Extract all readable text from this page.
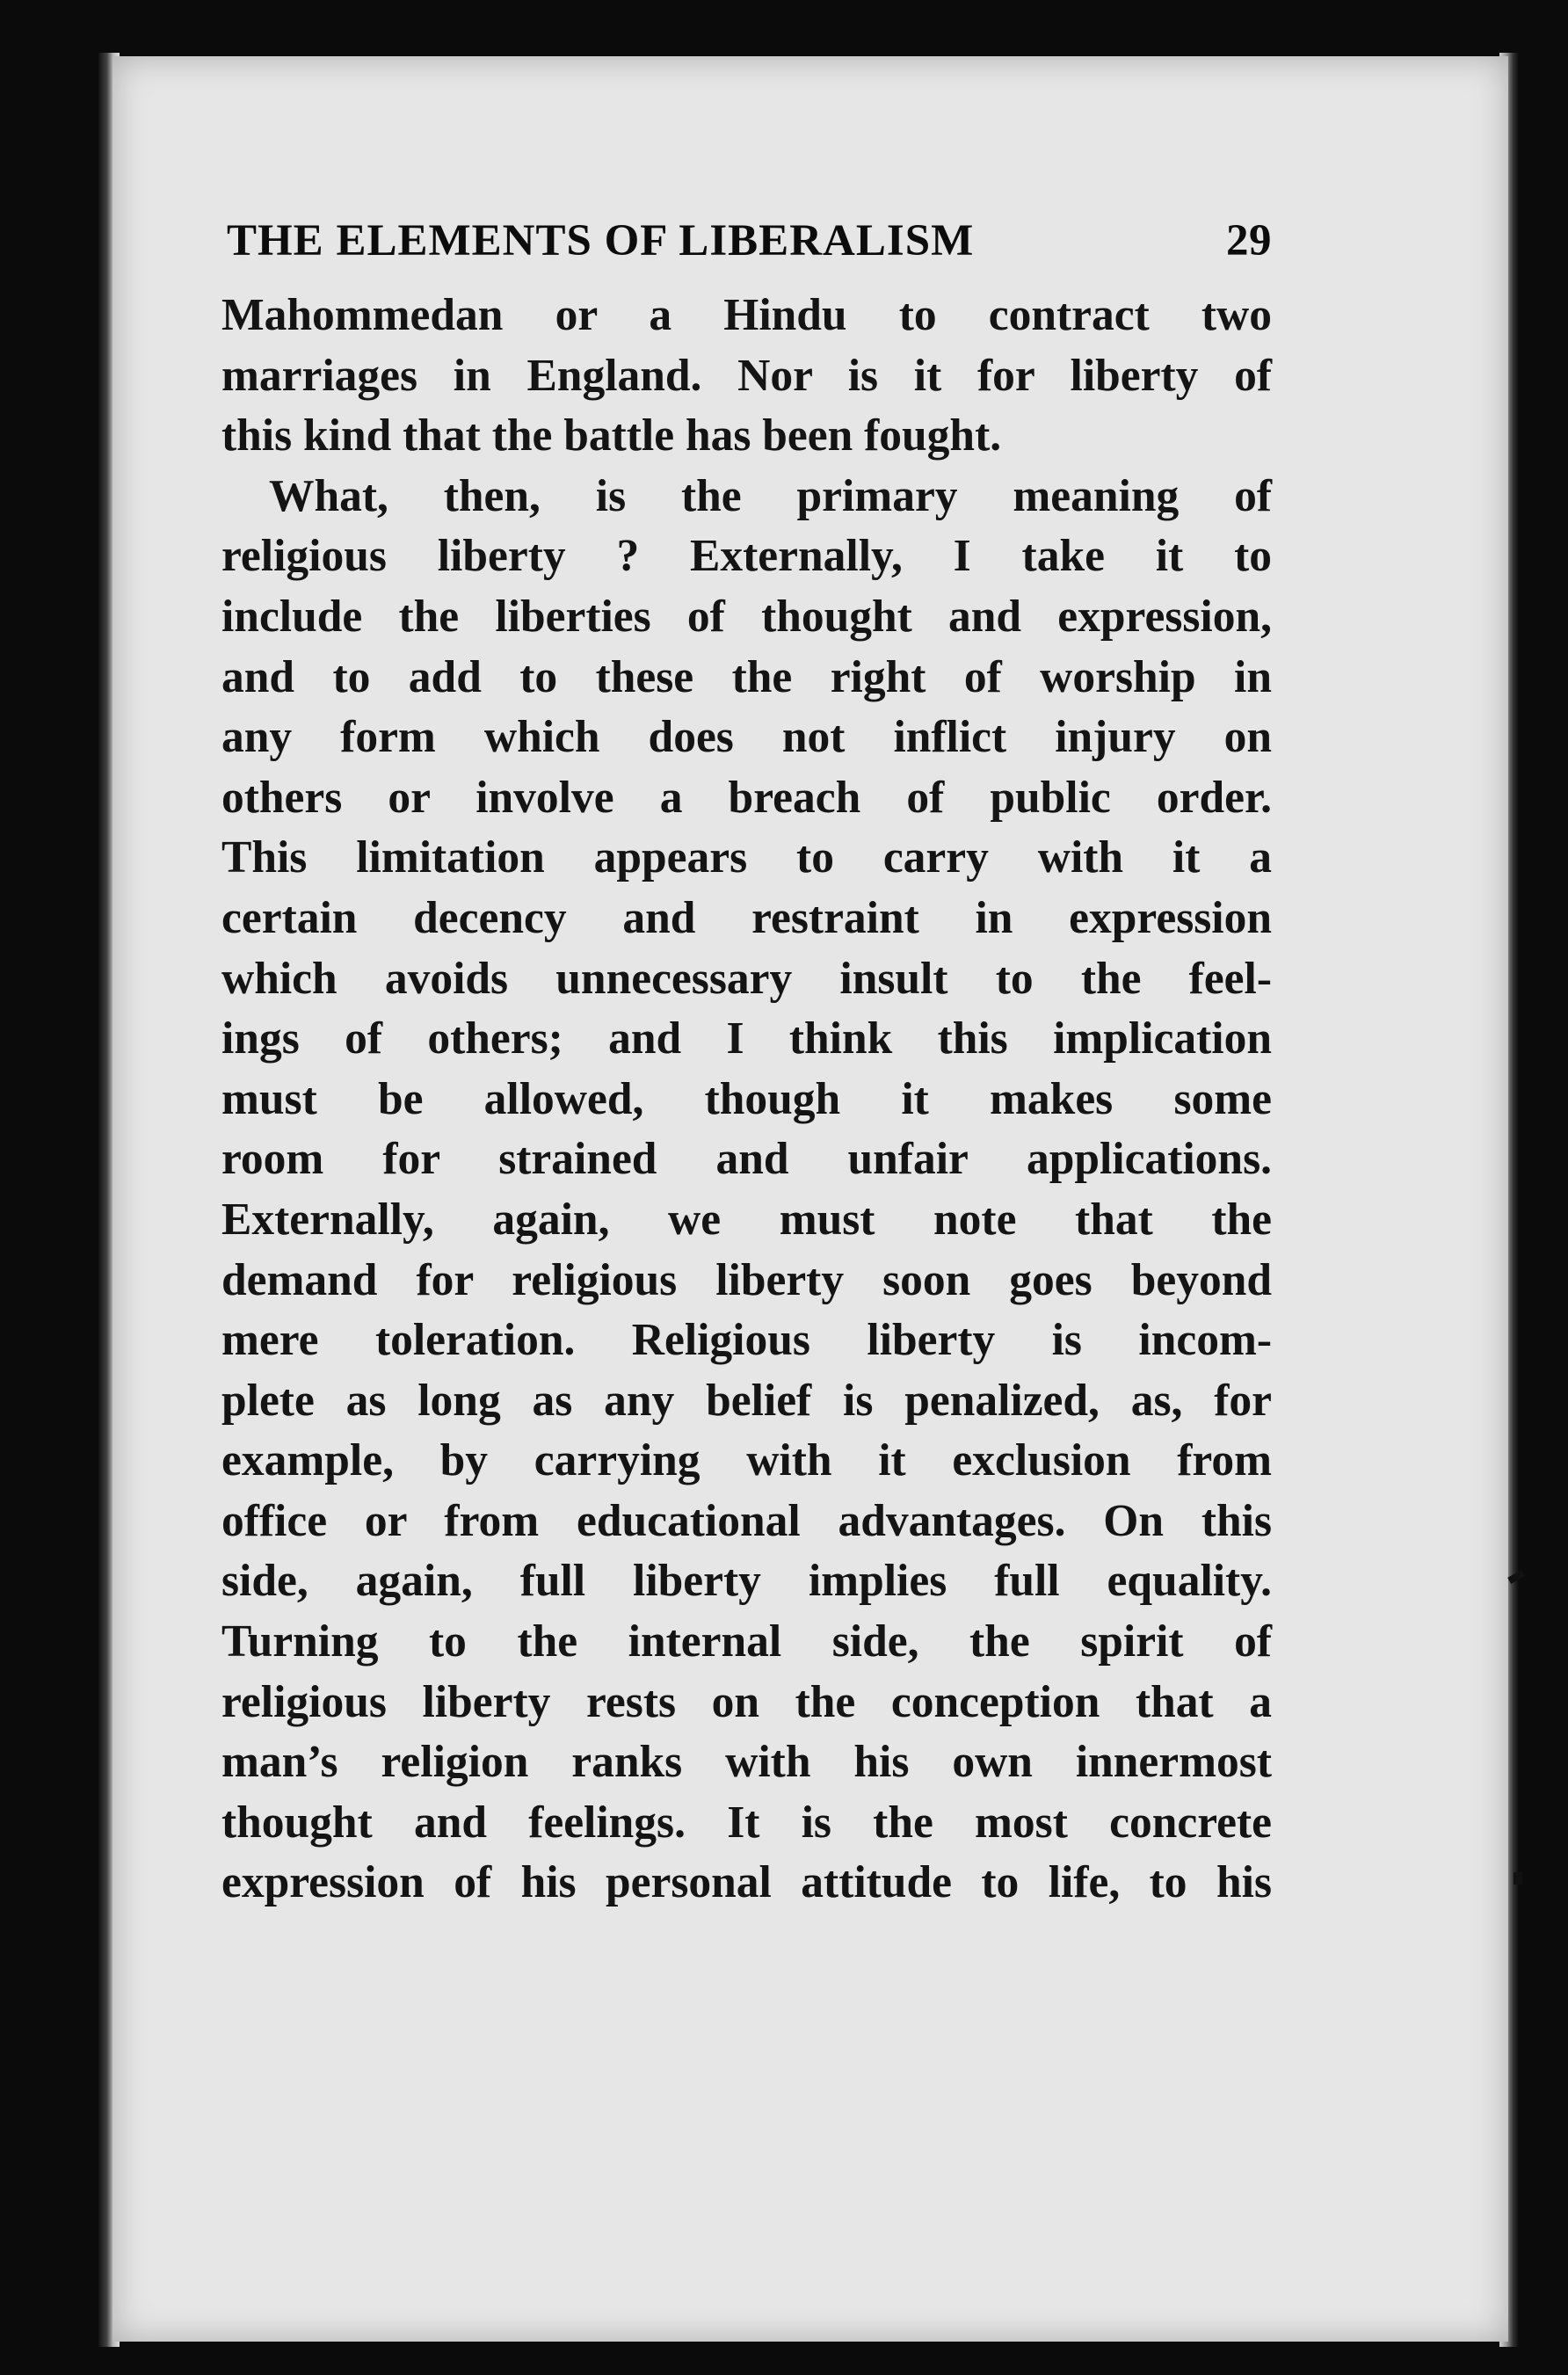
THE ELEMENTS OF LIBERALISM	29
Mahommedan or a Hindu to contract two
marriages in England. Nor is it for liberty of
this kind that the battle has been fought.
What, then, is the primary meaning of
religious liberty ? Externally, I take it to
include the liberties of thought and expression,
and to add to these the right of worship in
any form which does not inflict injury on
others or involve a breach of public order.
This limitation appears to carry with it a
certain decency and restraint in expression
which avoids unnecessary insult to the feel-
ings of others; and I think this implication
must be allowed, though it makes some
room for strained and unfair applications.
Externally, again, we must note that the
demand for religious liberty soon goes beyond
mere toleration. Religious liberty is incom-
plete as long as any belief is penalized, as, for
example, by carrying with it exclusion from
office or from educational advantages. On this
side, again, full liberty implies full equality.
Turning to the internal side, the spirit of
religious liberty rests on the conception that a
man’s religion ranks with his own innermost
thought and feelings. It is the most concrete
expression of his personal attitude to life, to his
